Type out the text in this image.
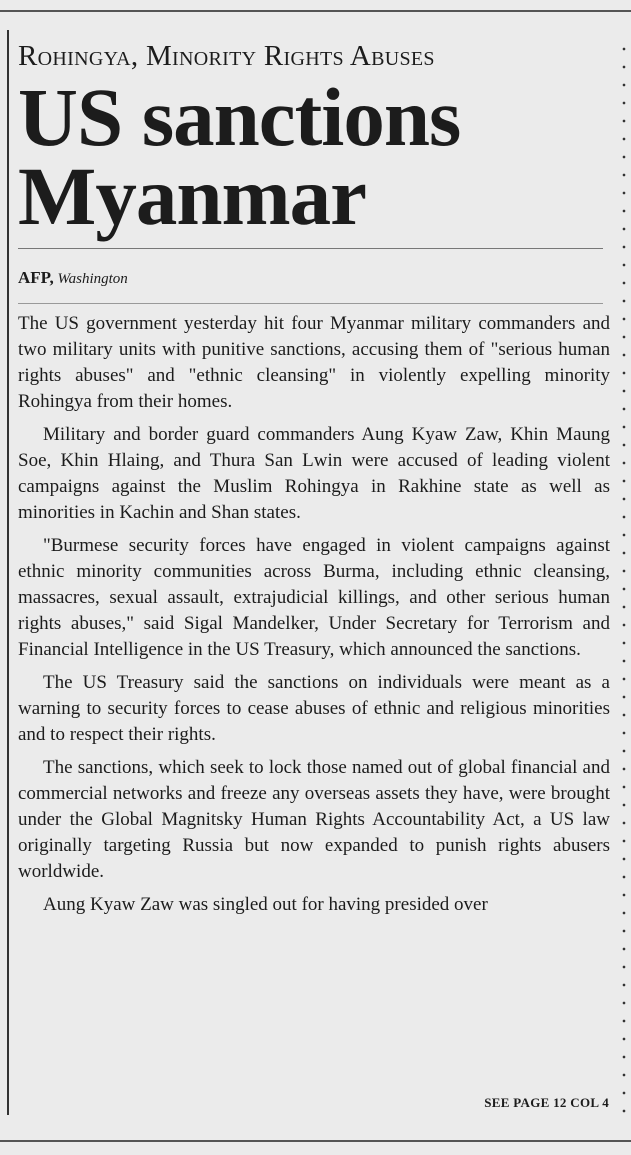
Rohingya, Minority Rights Abuses
US sanctions
Myanmar
AFP, Washington

The US government yesterday hit four Myanmar military commanders and two military units with punitive sanctions, accusing them of "serious human rights abuses" and "ethnic cleansing" in violently expelling minority Rohingya from their homes.

Military and border guard commanders Aung Kyaw Zaw, Khin Maung Soe, Khin Hlaing, and Thura San Lwin were accused of leading violent campaigns against the Muslim Rohingya in Rakhine state as well as minorities in Kachin and Shan states.

"Burmese security forces have engaged in violent campaigns against ethnic minority communities across Burma, including ethnic cleansing, massacres, sexual assault, extrajudicial killings, and other serious human rights abuses," said Sigal Mandelker, Under Secretary for Terrorism and Financial Intelligence in the US Treasury, which announced the sanctions.

The US Treasury said the sanctions on individuals were meant as a warning to security forces to cease abuses of ethnic and religious minorities and to respect their rights.

The sanctions, which seek to lock those named out of global financial and commercial networks and freeze any overseas assets they have, were brought under the Global Magnitsky Human Rights Accountability Act, a US law originally targeting Russia but now expanded to punish rights abusers worldwide.

Aung Kyaw Zaw was singled out for having presided over

SEE PAGE 12 COL 4
